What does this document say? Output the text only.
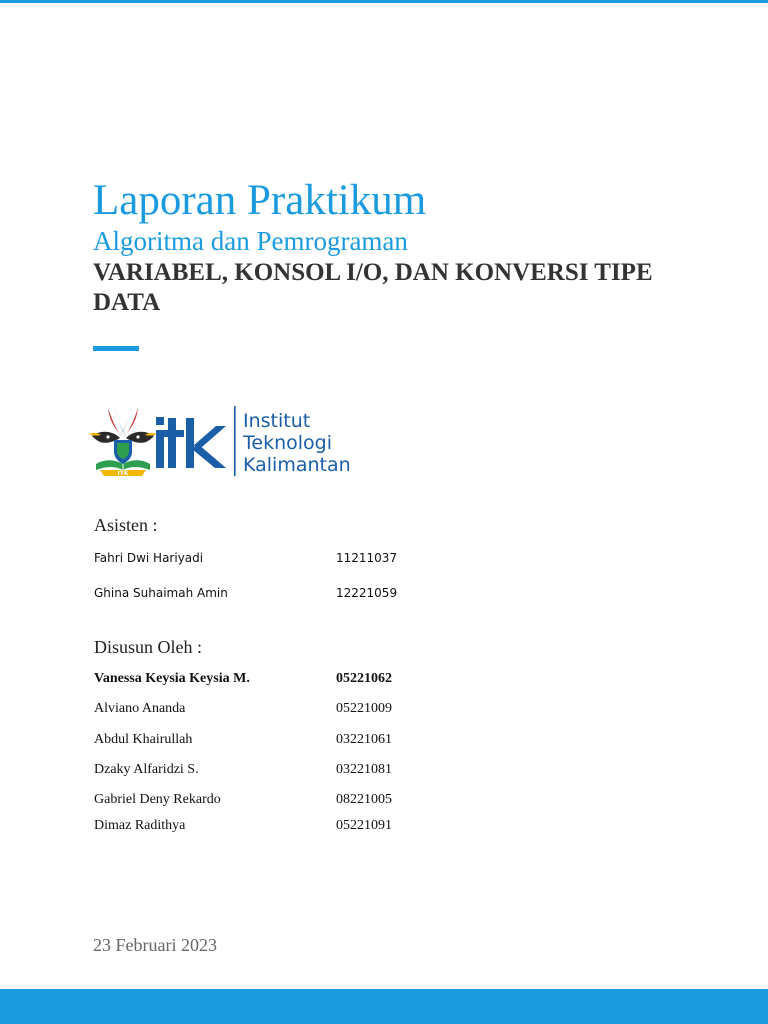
Laporan Praktikum
Algoritma dan Pemrograman
VARIABEL, KONSOL I/O, DAN KONVERSI TIPE DATA
ITK
Institut
Teknologi
Kalimantan
Asisten :
Fahri Dwi Hariyadi	11211037
Ghina Suhaimah Amin	12221059
Disusun Oleh :
Vanessa Keysia Keysia M.	05221062
Alviano Ananda	05221009
Abdul Khairullah	03221061
Dzaky Alfaridzi S.	03221081
Gabriel Deny Rekardo	08221005
Dimaz Radithya	05221091
23 Februari 2023
